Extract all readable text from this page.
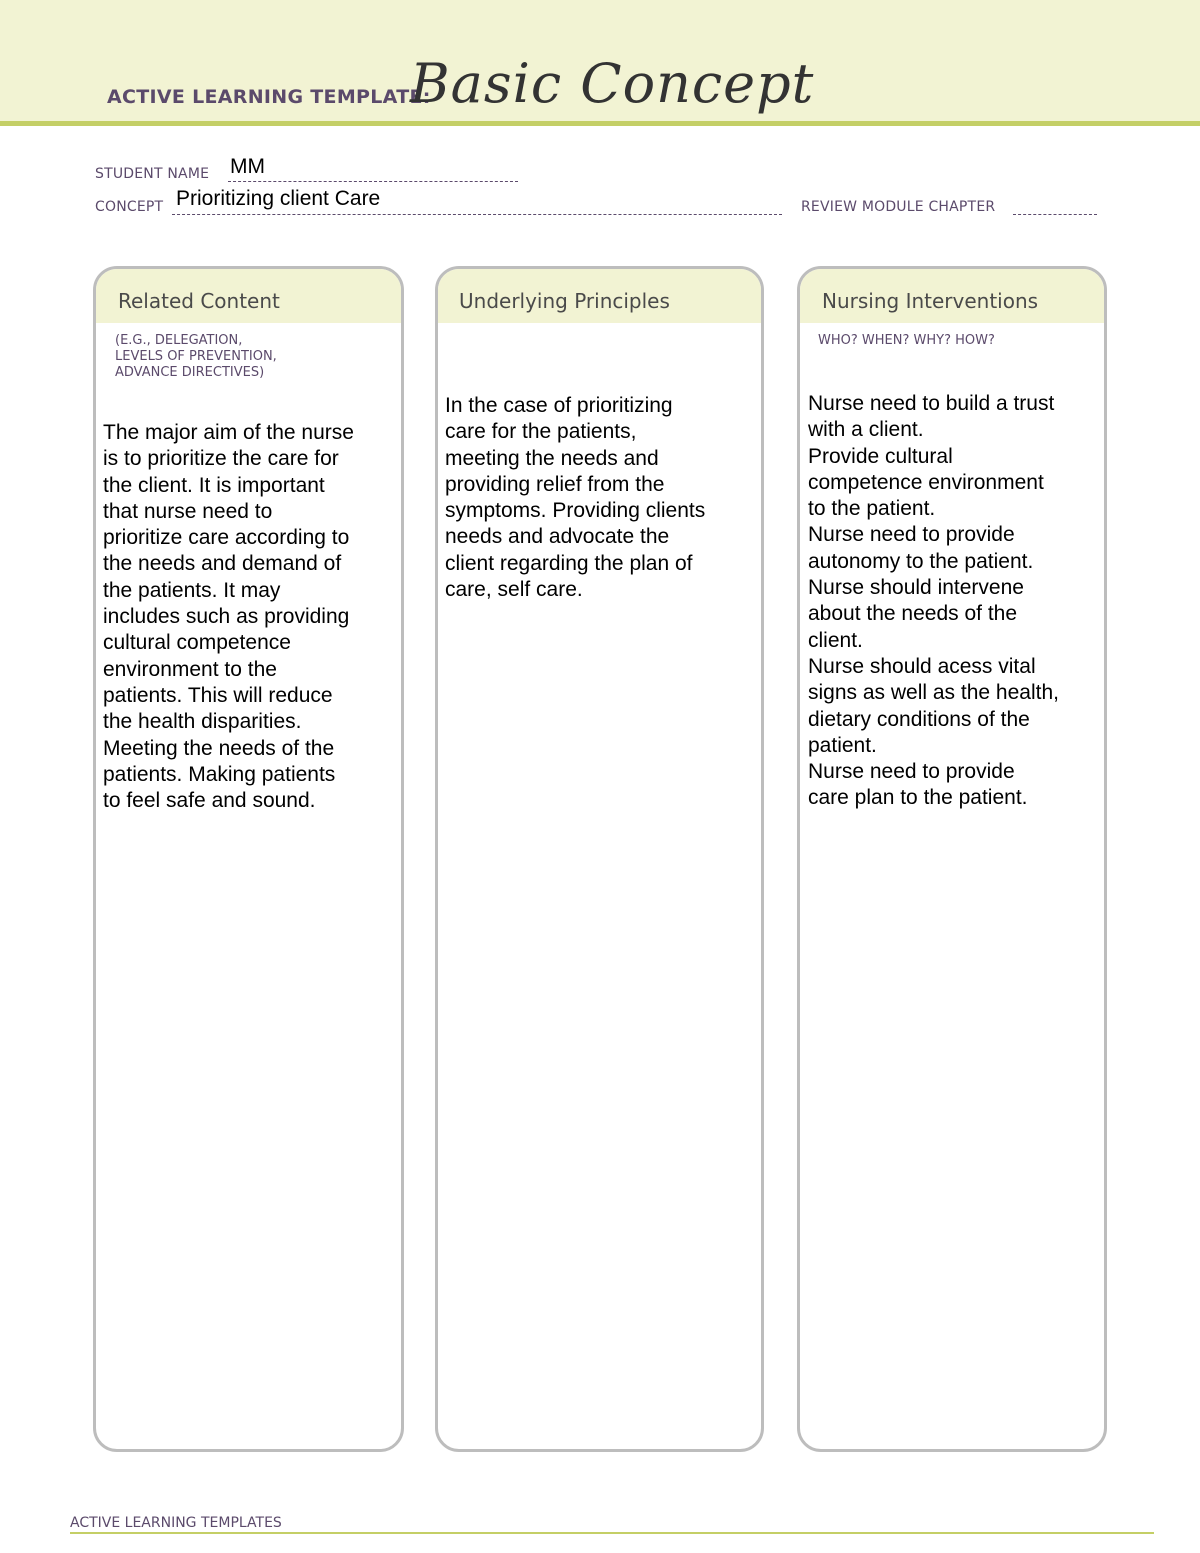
ACTIVE LEARNING TEMPLATE:
Basic Concept
STUDENT NAME MM
CONCEPT Prioritizing client Care	REVIEW MODULE CHAPTER
Related Content
(E.G., DELEGATION,
LEVELS OF PREVENTION,
ADVANCE DIRECTIVES)
The major aim of the nurse
is to prioritize the care for
the client. It is important
that nurse need to
prioritize care according to
the needs and demand of
the patients. It may
includes such as providing
cultural competence
environment to the
patients. This will reduce
the health disparities.
Meeting the needs of the
patients. Making patients
to feel safe and sound.
Underlying Principles
In the case of prioritizing
care for the patients,
meeting the needs and
providing relief from the
symptoms. Providing clients
needs and advocate the
client regarding the plan of
care, self care.
Nursing Interventions
WHO? WHEN? WHY? HOW?
Nurse need to build a trust
with a client.
Provide cultural
competence environment
to the patient.
Nurse need to provide
autonomy to the patient.
Nurse should intervene
about the needs of the
client.
Nurse should acess vital
signs as well as the health,
dietary conditions of the
patient.
Nurse need to provide
care plan to the patient.
ACTIVE LEARNING TEMPLATES
